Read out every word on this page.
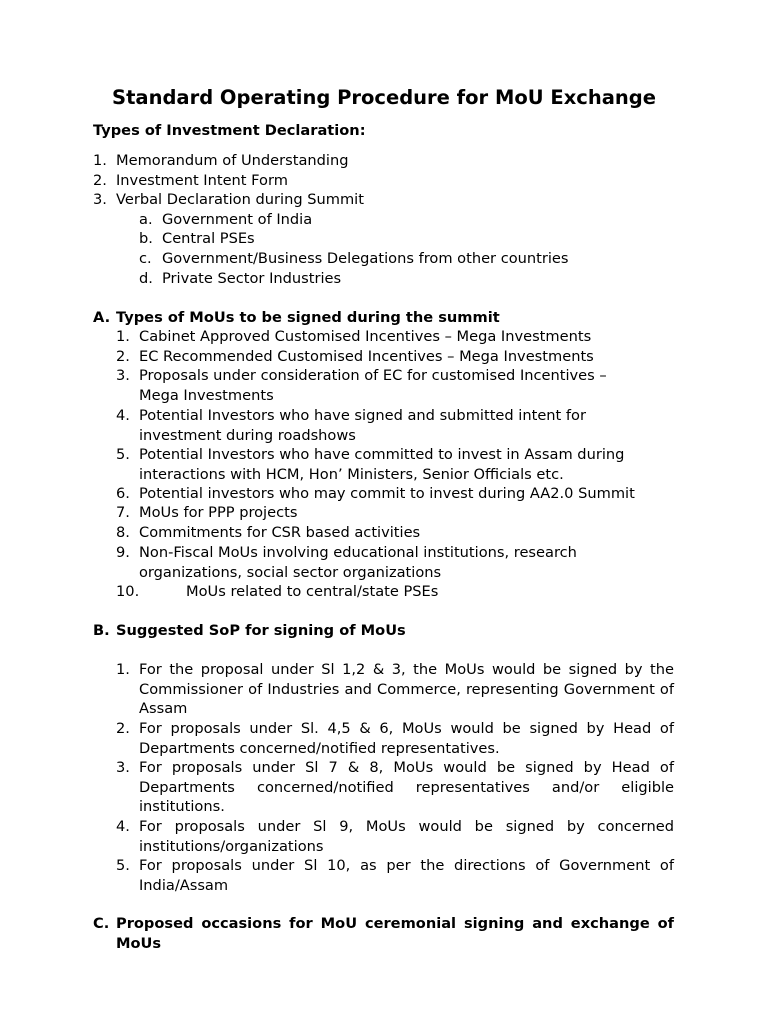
Standard Operating Procedure for MoU Exchange
Types of Investment Declaration:
1. Memorandum of Understanding
2. Investment Intent Form
3. Verbal Declaration during Summit
a. Government of India
b. Central PSEs
c. Government/Business Delegations from other countries
d. Private Sector Industries
A. Types of MoUs to be signed during the summit
1. Cabinet Approved Customised Incentives – Mega Investments
2. EC Recommended Customised Incentives – Mega Investments
3. Proposals under consideration of EC for customised Incentives – Mega Investments
4. Potential Investors who have signed and submitted intent for investment during roadshows
5. Potential Investors who have committed to invest in Assam during interactions with HCM, Hon’ Ministers, Senior Officials etc.
6. Potential investors who may commit to invest during AA2.0 Summit
7. MoUs for PPP projects
8. Commitments for CSR based activities
9. Non-Fiscal MoUs involving educational institutions, research organizations, social sector organizations
10.	MoUs related to central/state PSEs
B. Suggested SoP for signing of MoUs
1. For the proposal under Sl 1,2 & 3, the MoUs would be signed by the Commissioner of Industries and Commerce, representing Government of Assam
2. For proposals under Sl. 4,5 & 6, MoUs would be signed by Head of Departments concerned/notified representatives.
3. For proposals under Sl 7 & 8, MoUs would be signed by Head of Departments concerned/notified representatives and/or eligible institutions.
4. For proposals under Sl 9, MoUs would be signed by concerned institutions/organizations
5. For proposals under Sl 10, as per the directions of Government of India/Assam
C. Proposed occasions for MoU ceremonial signing and exchange of MoUs
